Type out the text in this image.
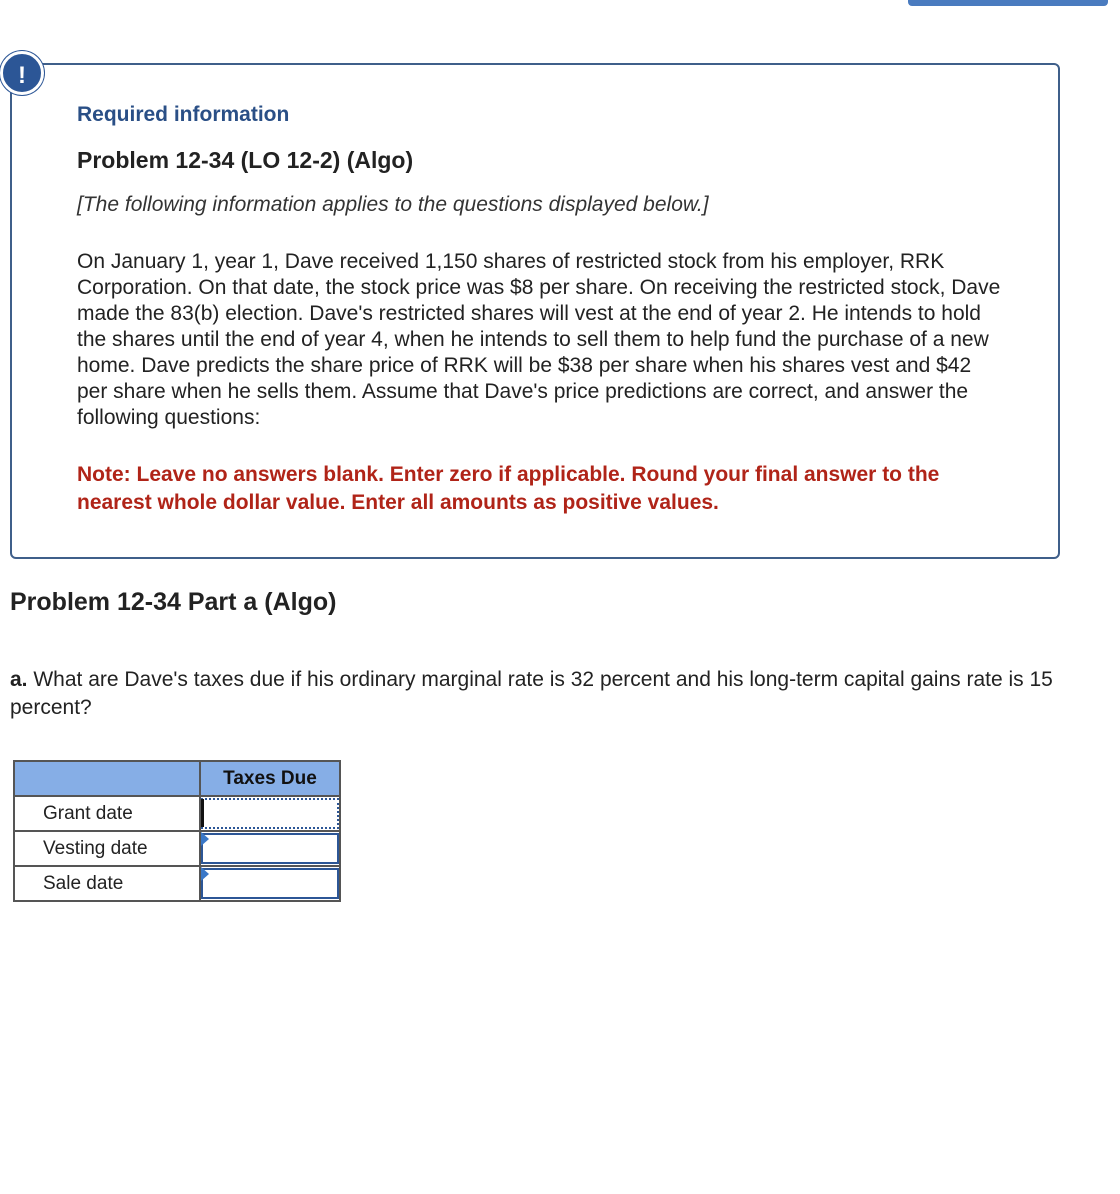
Required information
Problem 12-34 (LO 12-2) (Algo)
[The following information applies to the questions displayed below.]
On January 1, year 1, Dave received 1,150 shares of restricted stock from his employer, RRK Corporation. On that date, the stock price was $8 per share. On receiving the restricted stock, Dave made the 83(b) election. Dave's restricted shares will vest at the end of year 2. He intends to hold the shares until the end of year 4, when he intends to sell them to help fund the purchase of a new home. Dave predicts the share price of RRK will be $38 per share when his shares vest and $42 per share when he sells them. Assume that Dave's price predictions are correct, and answer the following questions:
Note: Leave no answers blank. Enter zero if applicable. Round your final answer to the nearest whole dollar value. Enter all amounts as positive values.
!
Problem 12-34 Part a (Algo)
a. What are Dave's taxes due if his ordinary marginal rate is 32 percent and his long-term capital gains rate is 15 percent?
	Taxes Due
Grant date	

Vesting date	

Sale date	
